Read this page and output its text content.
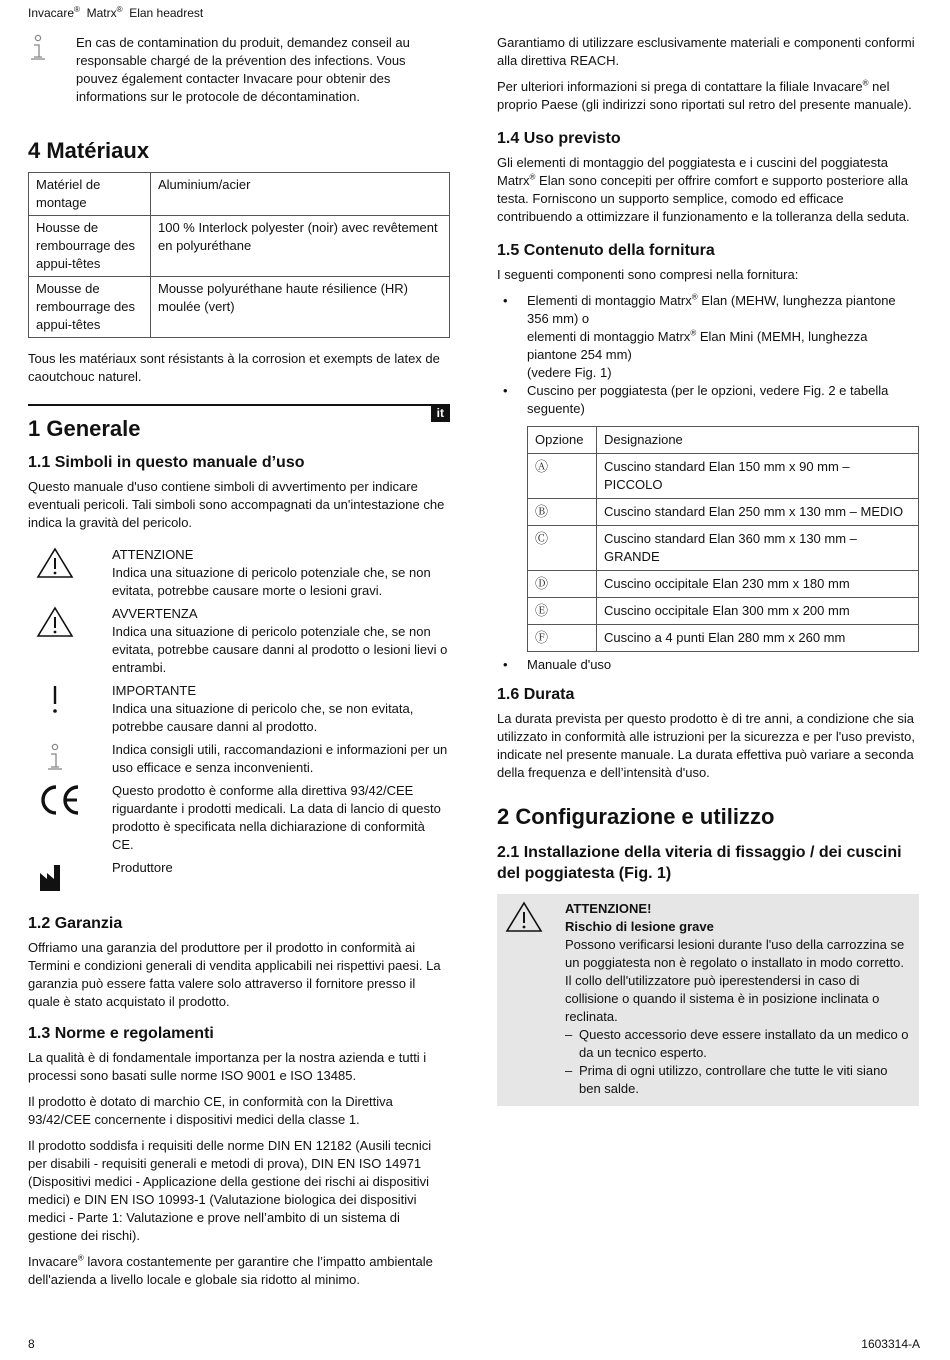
Invacare® Matrx® Elan headrest
En cas de contamination du produit, demandez conseil au responsable chargé de la prévention des infections. Vous pouvez également contacter Invacare pour obtenir des informations sur le protocole de décontamination.
4 Matériaux
Matériel de montage	Aluminium/acier
Housse de rembourrage des appui-têtes	100 % Interlock polyester (noir) avec revêtement en polyuréthane
Mousse de rembourrage des appui-têtes	Mousse polyuréthane haute résilience (HR) moulée (vert)

Tous les matériaux sont résistants à la corrosion et exempts de latex de caoutchouc naturel.

it
1 Generale
1.1 Simboli in questo manuale d’uso

Questo manuale d'uso contiene simboli di avvertimento per indicare eventuali pericoli. Tali simboli sono accompagnati da un'intestazione che indica la gravità del pericolo.

ATTENZIONE
Indica una situazione di pericolo potenziale che, se non evitata, potrebbe causare morte o lesioni gravi.
AVVERTENZA
Indica una situazione di pericolo potenziale che, se non evitata, potrebbe causare danni al prodotto o lesioni lievi o entrambi.
IMPORTANTE
Indica una situazione di pericolo che, se non evitata, potrebbe causare danni al prodotto.
Indica consigli utili, raccomandazioni e informazioni per un uso efficace e senza inconvenienti.
Questo prodotto è conforme alla direttiva 93/42/CEE riguardante i prodotti medicali. La data di lancio di questo prodotto è specificata nella dichiarazione di conformità CE.
Produttore
1.2 Garanzia

Offriamo una garanzia del produttore per il prodotto in conformità ai Termini e condizioni generali di vendita applicabili nei rispettivi paesi. La garanzia può essere fatta valere solo attraverso il fornitore presso il quale è stato acquistato il prodotto.

1.3 Norme e regolamenti

La qualità è di fondamentale importanza per la nostra azienda e tutti i processi sono basati sulle norme ISO 9001 e ISO 13485.

Il prodotto è dotato di marchio CE, in conformità con la Direttiva 93/42/CEE concernente i dispositivi medici della classe 1.

Il prodotto soddisfa i requisiti delle norme DIN EN 12182 (Ausili tecnici per disabili - requisiti generali e metodi di prova), DIN EN ISO 14971 (Dispositivi medici - Applicazione della gestione dei rischi ai dispositivi medici) e DIN EN ISO 10993-1 (Valutazione biologica dei dispositivi medici - Parte 1: Valutazione e prove nell’ambito di un sistema di gestione dei rischi).

Invacare® lavora costantemente per garantire che l’impatto ambientale dell'azienda a livello locale e globale sia ridotto al minimo.

Garantiamo di utilizzare esclusivamente materiali e componenti conformi alla direttiva REACH.

Per ulteriori informazioni si prega di contattare la filiale Invacare® nel proprio Paese (gli indirizzi sono riportati sul retro del presente manuale).

1.4 Uso previsto

Gli elementi di montaggio del poggiatesta e i cuscini del poggiatesta Matrx® Elan sono concepiti per offrire comfort e supporto posteriore alla testa. Forniscono un supporto semplice, comodo ed efficace contribuendo a ottimizzare il funzionamento e la tolleranza della seduta.

1.5 Contenuto della fornitura

I seguenti componenti sono compresi nella fornitura:

• Elementi di montaggio Matrx® Elan (MEHW, lunghezza piantone 356 mm) o
elementi di montaggio Matrx® Elan Mini (MEMH, lunghezza piantone 254 mm)
(vedere Fig. 1)
• Cuscino per poggiatesta (per le opzioni, vedere Fig. 2 e tabella seguente)
Opzione	Designazione
Ⓐ	Cuscino standard Elan 150 mm x 90 mm – PICCOLO
Ⓑ	Cuscino standard Elan 250 mm x 130 mm – MEDIO
Ⓒ	Cuscino standard Elan 360 mm x 130 mm – GRANDE
Ⓓ	Cuscino occipitale Elan 230 mm x 180 mm
Ⓔ	Cuscino occipitale Elan 300 mm x 200 mm
Ⓕ	Cuscino a 4 punti Elan 280 mm x 260 mm
• Manuale d'uso
1.6 Durata

La durata prevista per questo prodotto è di tre anni, a condizione che sia utilizzato in conformità alle istruzioni per la sicurezza e per l'uso previsto, indicate nel presente manuale. La durata effettiva può variare a seconda della frequenza e dell’intensità d'uso.

2 Configurazione e utilizzo
2.1 Installazione della viteria di fissaggio / dei cuscini del poggiatesta (Fig. 1)
ATTENZIONE!
Rischio di lesione grave
Possono verificarsi lesioni durante l'uso della carrozzina se un poggiatesta non è regolato o installato in modo corretto. Il collo dell'utilizzatore può iperestendersi in caso di collisione o quando il sistema è in posizione inclinata o reclinata.
– Questo accessorio deve essere installato da un medico o da un tecnico esperto.
– Prima di ogni utilizzo, controllare che tutte le viti siano ben salde.
8	1603314-A
